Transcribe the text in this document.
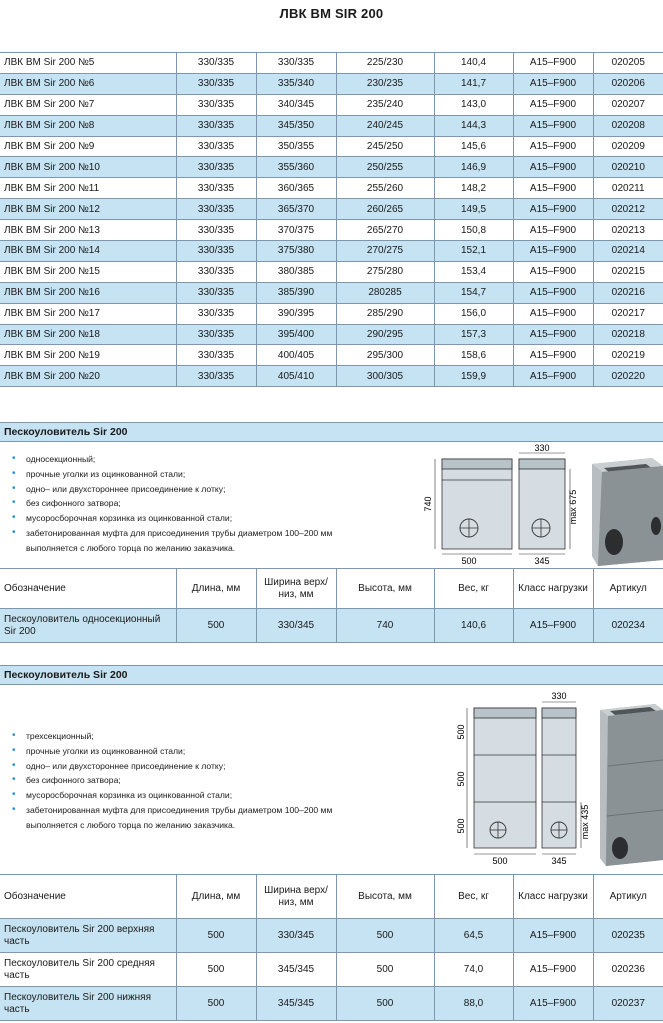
ЛВК BM SIR 200
ЛВК BM Sir 200 №5	330/335	330/335	225/230	140,4	A15–F900	020205
ЛВК BM Sir 200 №6	330/335	335/340	230/235	141,7	A15–F900	020206
ЛВК BM Sir 200 №7	330/335	340/345	235/240	143,0	A15–F900	020207
ЛВК BM Sir 200 №8	330/335	345/350	240/245	144,3	A15–F900	020208
ЛВК BM Sir 200 №9	330/335	350/355	245/250	145,6	A15–F900	020209
ЛВК BM Sir 200 №10	330/335	355/360	250/255	146,9	A15–F900	020210
ЛВК BM Sir 200 №11	330/335	360/365	255/260	148,2	A15–F900	020211
ЛВК BM Sir 200 №12	330/335	365/370	260/265	149,5	A15–F900	020212
ЛВК BM Sir 200 №13	330/335	370/375	265/270	150,8	A15–F900	020213
ЛВК BM Sir 200 №14	330/335	375/380	270/275	152,1	A15–F900	020214
ЛВК BM Sir 200 №15	330/335	380/385	275/280	153,4	A15–F900	020215
ЛВК BM Sir 200 №16	330/335	385/390	280285	154,7	A15–F900	020216
ЛВК BM Sir 200 №17	330/335	390/395	285/290	156,0	A15–F900	020217
ЛВК BM Sir 200 №18	330/335	395/400	290/295	157,3	A15–F900	020218
ЛВК BM Sir 200 №19	330/335	400/405	295/300	158,6	A15–F900	020219
ЛВК BM Sir 200 №20	330/335	405/410	300/305	159,9	A15–F900	020220
Пескоуловитель Sir 200
• односекционный;
• прочные уголки из оцинкованной стали;
• одно– или двухстороннее присоединение к лотку;
• без сифонного затвора;
• мусоросборочная корзинка из оцинкованной стали;
• забетонированная муфта для присоединения трубы диаметром 100–200 мм
выполняется с любого торца по желанию заказчика.
740
500
330
345
max 675
Обозначение	Длина, мм	Ширина верх/низ, мм	Высота, мм	Вес, кг	Класс нагрузки	Артикул
Пескоуловитель односекционный Sir 200	500	330/345	740	140,6	A15–F900	020234
Пескоуловитель Sir 200
• трехсекционный;
• прочные уголки из оцинкованной стали;
• одно– или двухстороннее присоединение к лотку;
• без сифонного затвора;
• мусоросборочная корзинка из оцинкованной стали;
• забетонированная муфта для присоединения трубы диаметром 100–200 мм
выполняется с любого торца по желанию заказчика.
500
500
500
500
330
345
max 435
Обозначение	Длина, мм	Ширина верх/низ, мм	Высота, мм	Вес, кг	Класс нагрузки	Артикул
Пескоуловитель Sir 200 верхняя часть	500	330/345	500	64,5	A15–F900	020235
Пескоуловитель Sir 200 средняя часть	500	345/345	500	74,0	A15–F900	020236
Пескоуловитель Sir 200 нижняя часть	500	345/345	500	88,0	A15–F900	020237
